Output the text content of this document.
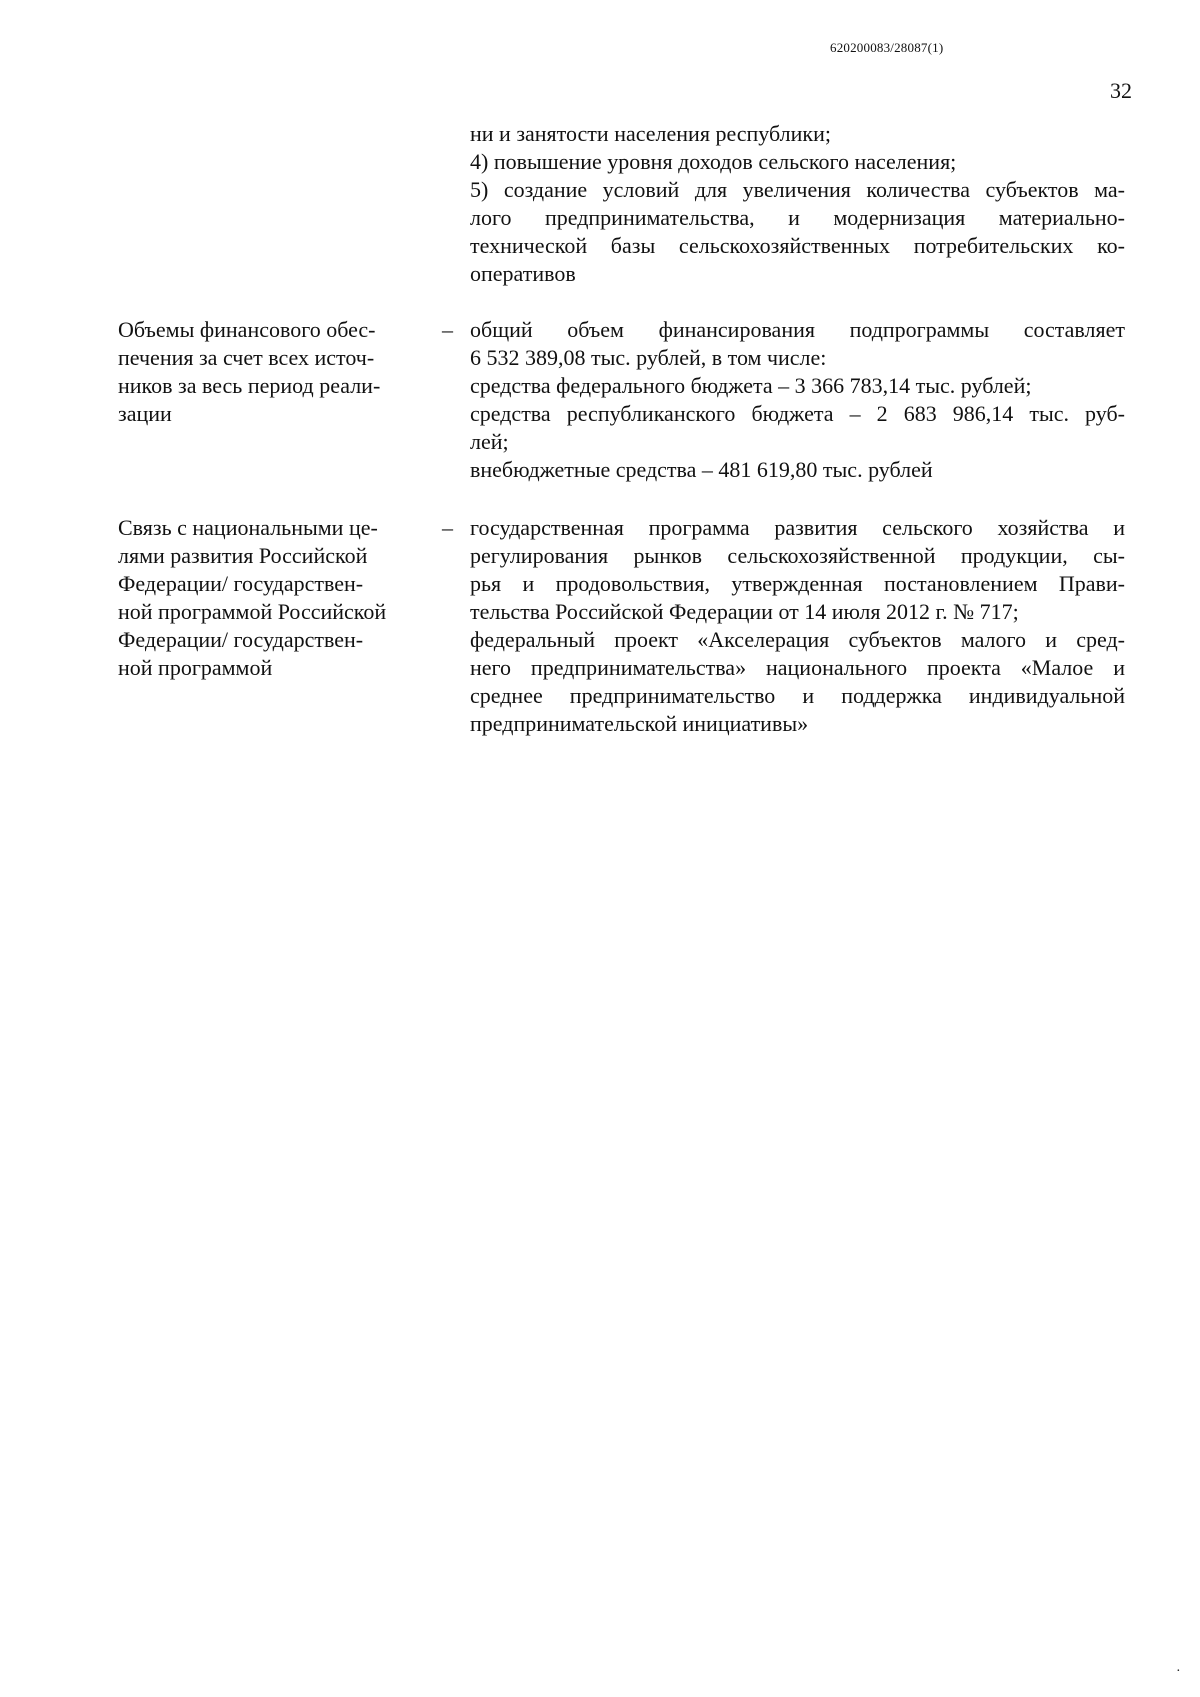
620200083/28087(1)
32
ни и занятости населения республики;
4) повышение уровня доходов сельского населения;
5) создание условий для увеличения количества субъектов ма-
лого предпринимательства, и модернизация материально-
технической базы сельскохозяйственных потребительских ко-
оперативов
Объемы финансового обес-
печения за счет всех источ-
ников за весь период реали-
зации
– общий объем финансирования подпрограммы составляет
6 532 389,08 тыс. рублей, в том числе:
средства федерального бюджета – 3 366 783,14 тыс. рублей;
средства республиканского бюджета – 2 683 986,14 тыс. руб-
лей;
внебюджетные средства – 481 619,80 тыс. рублей
Связь с национальными це-
лями развития Российской
Федерации/ государствен-
ной программой Российской
Федерации/ государствен-
ной программой
– государственная программа развития сельского хозяйства и
регулирования рынков сельскохозяйственной продукции, сы-
рья и продовольствия, утвержденная постановлением Прави-
тельства Российской Федерации от 14 июля 2012 г. № 717;
федеральный проект «Акселерация субъектов малого и сред-
него предпринимательства» национального проекта «Малое и
среднее предпринимательство и поддержка индивидуальной
предпринимательской инициативы»
·
